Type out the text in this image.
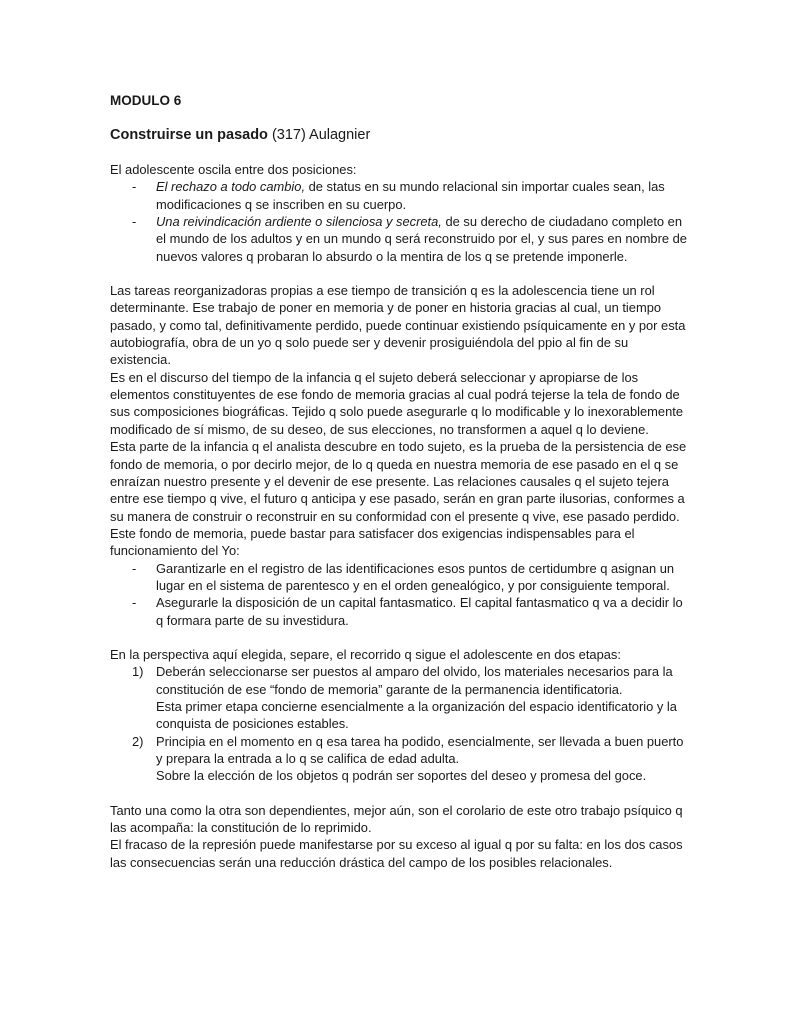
MODULO 6
Construirse un pasado (317) Aulagnier

El adolescente oscila entre dos posiciones:

- El rechazo a todo cambio, de status en su mundo relacional sin importar cuales sean, las modificaciones q se inscriben en su cuerpo.
- Una reivindicación ardiente o silenciosa y secreta, de su derecho de ciudadano completo en el mundo de los adultos y en un mundo q será reconstruido por el, y sus pares en nombre de nuevos valores q probaran lo absurdo o la mentira de los q se pretende imponerle.

Las tareas reorganizadoras propias a ese tiempo de transición q es la adolescencia tiene un rol determinante. Ese trabajo de poner en memoria y de poner en historia gracias al cual, un tiempo pasado, y como tal, definitivamente perdido, puede continuar existiendo psíquicamente en y por esta autobiografía, obra de un yo q solo puede ser y devenir prosiguiéndola del ppio al fin de su existencia.

Es en el discurso del tiempo de la infancia q el sujeto deberá seleccionar y apropiarse de los elementos constituyentes de ese fondo de memoria gracias al cual podrá tejerse la tela de fondo de sus composiciones biográficas. Tejido q solo puede asegurarle q lo modificable y lo inexorablemente modificado de sí mismo, de su deseo, de sus elecciones, no transformen a aquel q lo deviene.

Esta parte de la infancia q el analista descubre en todo sujeto, es la prueba de la persistencia de ese fondo de memoria, o por decirlo mejor, de lo q queda en nuestra memoria de ese pasado en el q se enraízan nuestro presente y el devenir de ese presente. Las relaciones causales q el sujeto tejera entre ese tiempo q vive, el futuro q anticipa y ese pasado, serán en gran parte ilusorias, conformes a su manera de construir o reconstruir en su conformidad con el presente q vive, ese pasado perdido.

Este fondo de memoria, puede bastar para satisfacer dos exigencias indispensables para el funcionamiento del Yo:

- Garantizarle en el registro de las identificaciones esos puntos de certidumbre q asignan un lugar en el sistema de parentesco y en el orden genealógico, y por consiguiente temporal.
- Asegurarle la disposición de un capital fantasmatico. El capital fantasmatico q va a decidir lo q formara parte de su investidura.

En la perspectiva aquí elegida, separe, el recorrido q sigue el adolescente en dos etapas:

1) Deberán seleccionarse ser puestos al amparo del olvido, los materiales necesarios para la constitución de ese “fondo de memoria” garante de la permanencia identificatoria.
Esta primer etapa concierne esencialmente a la organización del espacio identificatorio y la conquista de posiciones estables.
2) Principia en el momento en q esa tarea ha podido, esencialmente, ser llevada a buen puerto y prepara la entrada a lo q se califica de edad adulta.
Sobre la elección de los objetos q podrán ser soportes del deseo y promesa del goce.

Tanto una como la otra son dependientes, mejor aún, son el corolario de este otro trabajo psíquico q las acompaña: la constitución de lo reprimido.

El fracaso de la represión puede manifestarse por su exceso al igual q por su falta: en los dos casos las consecuencias serán una reducción drástica del campo de los posibles relacionales.
